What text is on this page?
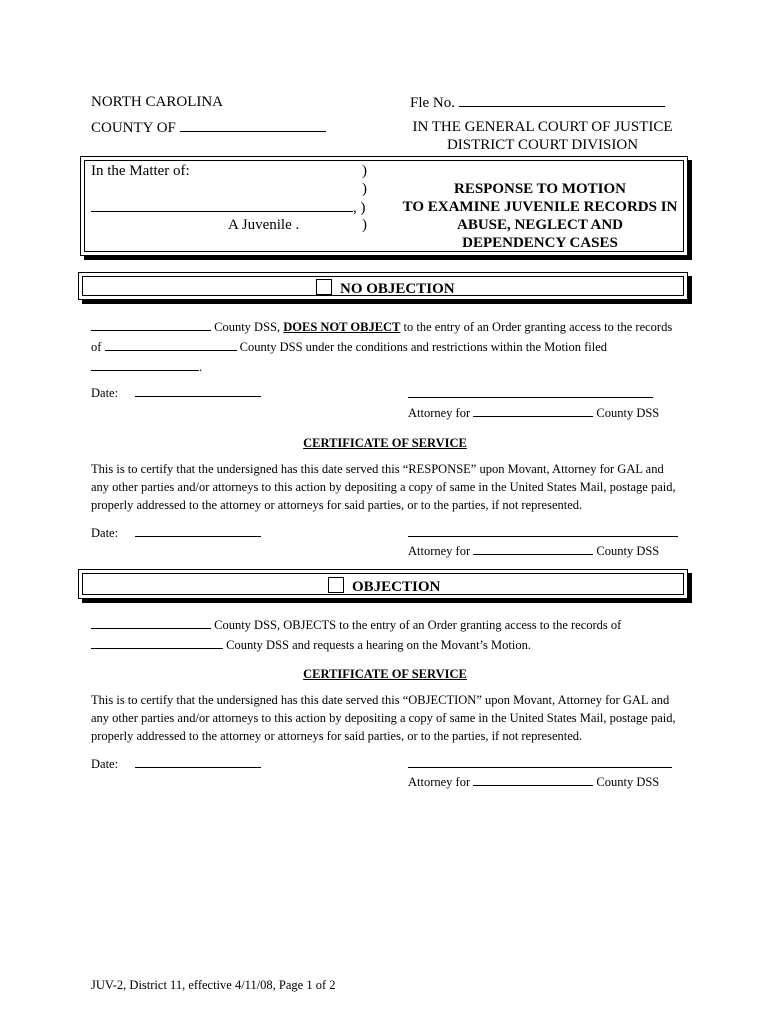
NORTH CAROLINA	Fle No.
COUNTY OF	IN THE GENERAL COURT OF JUSTICE
DISTRICT COURT DIVISION
In the Matter of:	)
)
, )
A Juvenile .	)
RESPONSE TO MOTION
TO EXAMINE JUVENILE RECORDS IN
ABUSE, NEGLECT AND
DEPENDENCY CASES
NO OBJECTION
County DSS, DOES NOT OBJECT to the entry of an Order granting access to the records
of	County DSS under the conditions and restrictions within the Motion filed
.
Date:
Attorney for	County DSS
CERTIFICATE OF SERVICE
This is to certify that the undersigned has this date served this “RESPONSE” upon Movant, Attorney for GAL and
any other parties and/or attorneys to this action by depositing a copy of same in the United States Mail, postage paid,
properly addressed to the attorney or attorneys for said parties, or to the parties, if not represented.
Date:
Attorney for	County DSS
OBJECTION
County DSS, OBJECTS to the entry of an Order granting access to the records of
County DSS and requests a hearing on the Movant’s Motion.
CERTIFICATE OF SERVICE
This is to certify that the undersigned has this date served this “OBJECTION” upon Movant, Attorney for GAL and
any other parties and/or attorneys to this action by depositing a copy of same in the United States Mail, postage paid,
properly addressed to the attorney or attorneys for said parties, or to the parties, if not represented.
Date:
Attorney for	County DSS
JUV-2, District 11, effective 4/11/08, Page 1 of 2
